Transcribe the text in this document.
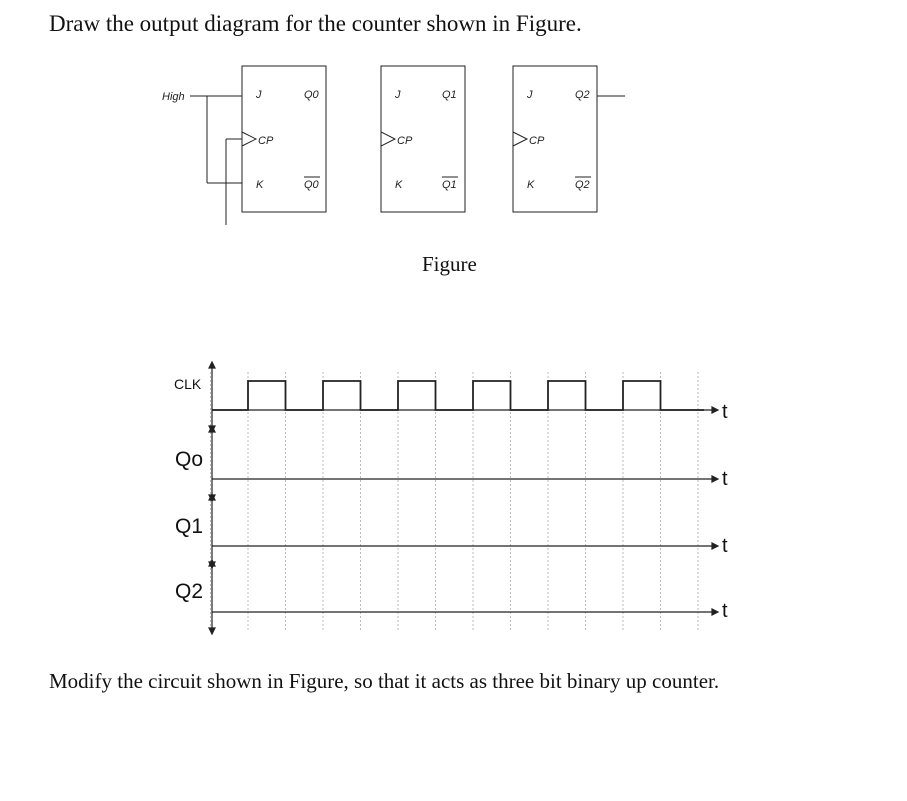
Draw the output diagram for the counter shown in Figure.
High	J	Q0
CP
K	Q0
J	Q1
CP
K	Q1
J	Q2
CP
K	Q2
Figure
CLK
Qo
Q1
Q2
t
t
t
t
Modify the circuit shown in Figure, so that it acts as three bit binary up counter.
